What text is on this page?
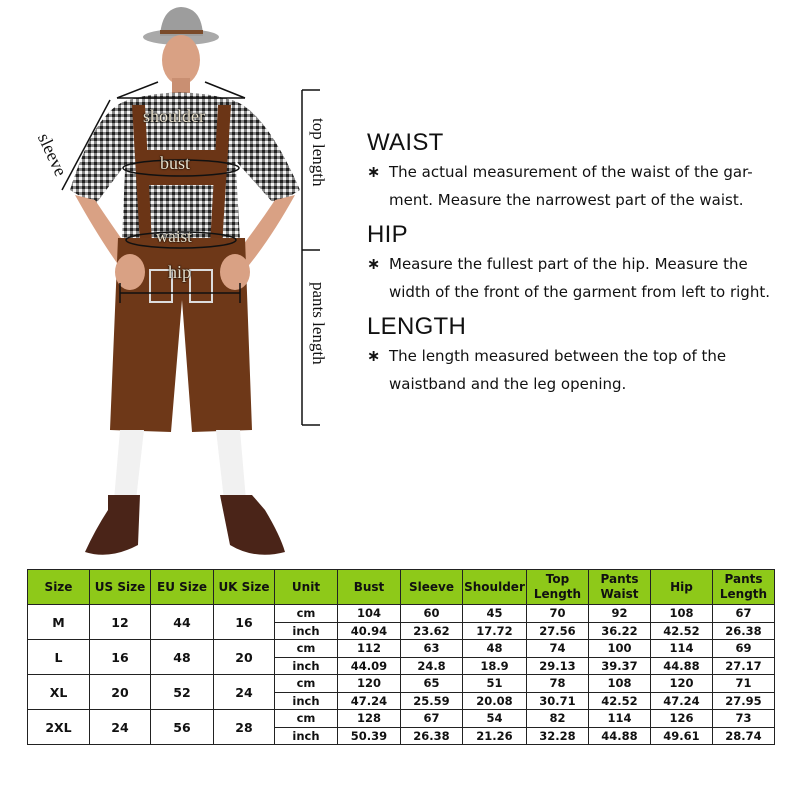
shoulder
bust
waist
hip
sleeve	top length
pants length
WAIST
∗ The actual measurement of the waist of the gar- ment. Measure the narrowest part of the waist.
HIP
∗ Measure the fullest part of the hip. Measure the width of the front of the garment from left to right.
LENGTH
∗ The length measured between the top of the waistband and the leg opening.
Size	US Size	EU Size	UK Size	Unit	Bust	Sleeve	Shoulder	Top Length	Pants Waist	Hip	Pants Length
M	12	44	16	cm	104	60	45	70	92	108	67
				inch	40.94	23.62	17.72	27.56	36.22	42.52	26.38
L	16	48	20	cm	112	63	48	74	100	114	69
				inch	44.09	24.8	18.9	29.13	39.37	44.88	27.17
XL	20	52	24	cm	120	65	51	78	108	120	71
				inch	47.24	25.59	20.08	30.71	42.52	47.24	27.95
2XL	24	56	28	cm	128	67	54	82	114	126	73
				inch	50.39	26.38	21.26	32.28	44.88	49.61	28.74
